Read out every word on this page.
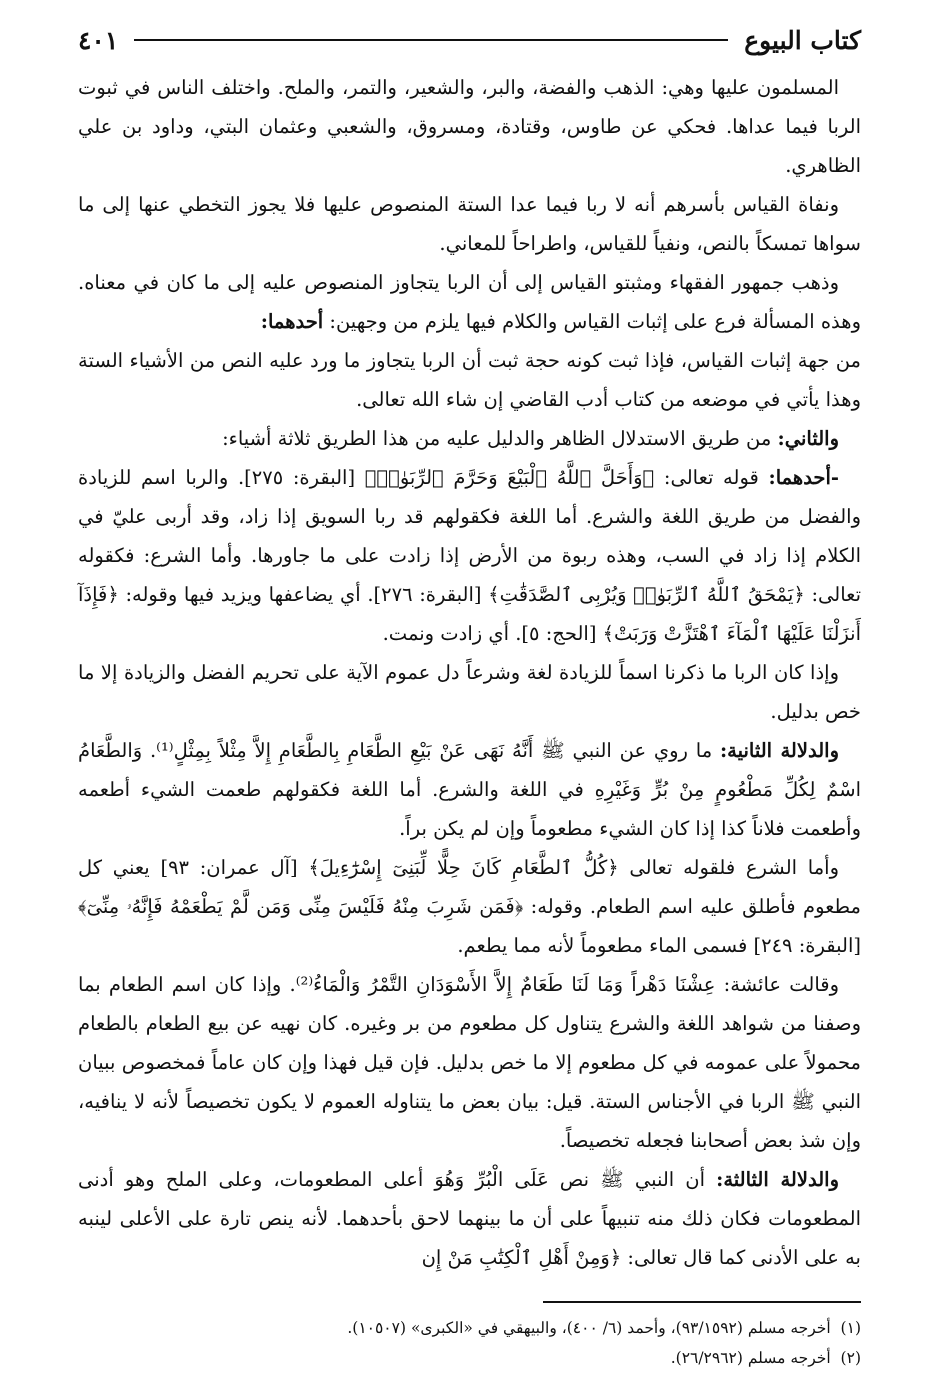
كتاب البيوع
٤٠١

المسلمون عليها وهي: الذهب والفضة، والبر، والشعير، والتمر، والملح. واختلف الناس في ثبوت الربا فيما عداها. فحكي عن طاوس، وقتادة، ومسروق، والشعبي وعثمان البتي، وداود بن علي الظاهري.

ونفاة القياس بأسرهم أنه لا ربا فيما عدا الستة المنصوص عليها فلا يجوز التخطي عنها إلى ما سواها تمسكاً بالنص، ونفياً للقياس، واطراحاً للمعاني.

وذهب جمهور الفقهاء ومثبتو القياس إلى أن الربا يتجاوز المنصوص عليه إلى ما كان في معناه. وهذه المسألة فرع على إثبات القياس والكلام فيها يلزم من وجهين: أحدهما:

من جهة إثبات القياس، فإذا ثبت كونه حجة ثبت أن الربا يتجاوز ما ورد عليه النص من الأشياء الستة وهذا يأتي في موضعه من كتاب أدب القاضي إن شاء الله تعالى.

والثاني: من طريق الاستدلال الظاهر والدليل عليه من هذا الطريق ثلاثة أشياء:

-أحدهما: قوله تعالى: ﴿وَأَحَلَّ ٱللَّهُ ٱلْبَيْعَ وَحَرَّمَ ٱلرِّبَوٰا۟﴾ [البقرة: ٢٧٥]. والربا اسم للزيادة والفضل من طريق اللغة والشرع. أما اللغة فكقولهم قد ربا السويق إذا زاد، وقد أربى عليّ في الكلام إذا زاد في السب، وهذه ربوة من الأرض إذا زادت على ما جاورها. وأما الشرع: فكقوله تعالى: ﴿يَمْحَقُ ٱللَّهُ ٱلرِّبَوٰا۟ وَيُرْبِى ٱلصَّدَقَٰتِ﴾ [البقرة: ٢٧٦]. أي يضاعفها ويزيد فيها وقوله: ﴿فَإِذَآ أَنزَلْنَا عَلَيْهَا ٱلْمَآءَ ٱهْتَزَّتْ وَرَبَتْ﴾ [الحج: ٥]. أي زادت ونمت.

وإذا كان الربا ما ذكرنا اسماً للزيادة لغة وشرعاً دل عموم الآية على تحريم الفضل والزيادة إلا ما خص بدليل.

والدلالة الثانية: ما روي عن النبي ﷺ أَنَّهُ نَهَى عَنْ بَيْعِ الطَّعَامِ بِالطَّعَامِ إِلاَّ مِثْلاً بِمِثْلٍ⁽¹⁾. وَالطَّعَامُ اسْمٌ لِكُلِّ مَطْعُومٍ مِنْ بُرٍّ وَغَيْرِهِ في اللغة والشرع. أما اللغة فكقولهم طعمت الشيء أطعمه وأطعمت فلاناً كذا إذا كان الشيء مطعوماً وإن لم يكن براً.

وأما الشرع فلقوله تعالى ﴿كُلُّ ٱلطَّعَامِ كَانَ حِلًّا لِّبَنِىٓ إِسْرَٰٓءِيلَ﴾ [آل عمران: ٩٣] يعني كل مطعوم فأطلق عليه اسم الطعام. وقوله: ﴿فَمَن شَرِبَ مِنْهُ فَلَيْسَ مِنِّى وَمَن لَّمْ يَطْعَمْهُ فَإِنَّهُۥ مِنِّىٓ﴾ [البقرة: ٢٤٩] فسمى الماء مطعوماً لأنه مما يطعم.

وقالت عائشة: عِشْنَا دَهْراً وَمَا لَنَا طَعَامٌ إِلاَّ الأَسْوَدَانِ التَّمْرُ وَالْمَاءُ⁽²⁾. وإذا كان اسم الطعام بما وصفنا من شواهد اللغة والشرع يتناول كل مطعوم من بر وغيره. كان نهيه عن بيع الطعام بالطعام محمولاً على عمومه في كل مطعوم إلا ما خص بدليل. فإن قيل فهذا وإن كان عاماً فمخصوص ببيان النبي ﷺ الربا في الأجناس الستة. قيل: بيان بعض ما يتناوله العموم لا يكون تخصيصاً لأنه لا ينافيه، وإن شذ بعض أصحابنا فجعله تخصيصاً.

والدلالة الثالثة: أن النبي ﷺ نص عَلَى الْبُرِّ وَهُوَ أعلى المطعومات، وعلى الملح وهو أدنى المطعومات فكان ذلك منه تنبيهاً على أن ما بينهما لاحق بأحدهما. لأنه ينص تارة على الأعلى لينبه به على الأدنى كما قال تعالى: ﴿وَمِنْ أَهْلِ ٱلْكِتَٰبِ مَنْ إِن

(١)  أخرجه مسلم (٩٣/١٥٩٢)، وأحمد (٦/ ٤٠٠)، والبيهقي في «الكبرى» (١٠٥٠٧).

(٢)  أخرجه مسلم (٢٦/٢٩٦٢).
